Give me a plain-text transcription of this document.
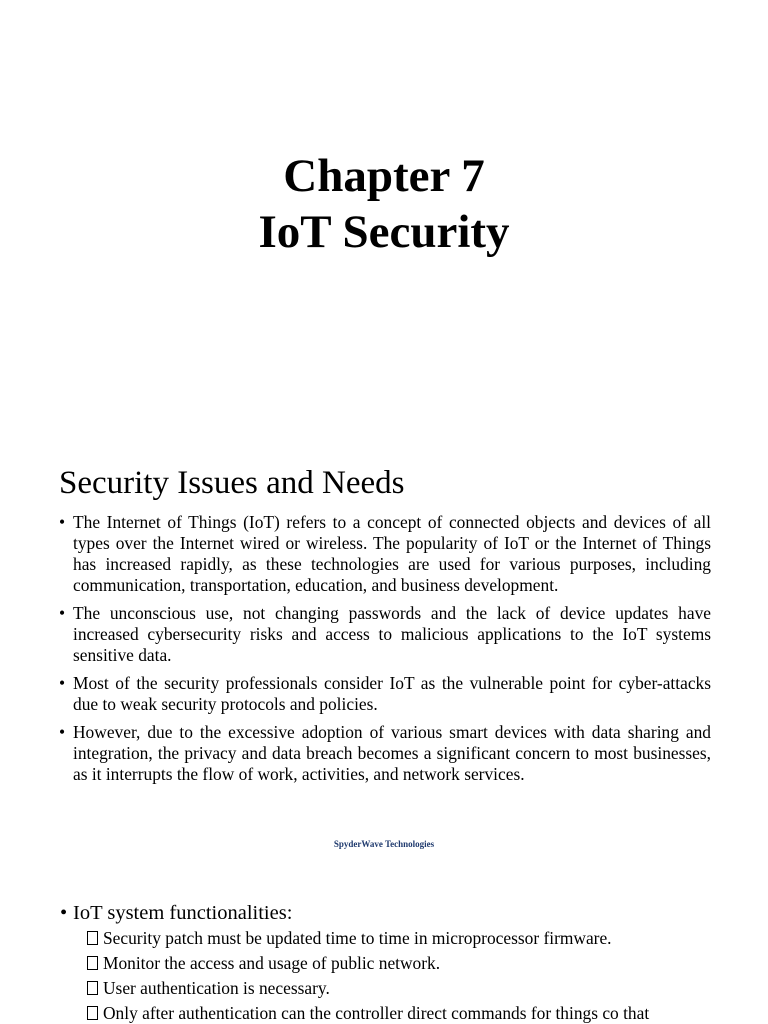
Chapter 7
IoT Security
Security Issues and Needs
• The Internet of Things (IoT) refers to a concept of connected objects and devices of all types over the Internet wired or wireless. The popularity of IoT or the Internet of Things has increased rapidly, as these technologies are used for various purposes, including communication, transportation, education, and business development.
• The unconscious use, not changing passwords and the lack of device updates have increased cybersecurity risks and access to malicious applications to the IoT systems sensitive data.
• Most of the security professionals consider IoT as the vulnerable point for cyber-attacks due to weak security protocols and policies.
• However, due to the excessive adoption of various smart devices with data sharing and integration, the privacy and data breach becomes a significant concern to most businesses, as it interrupts the flow of work, activities, and network services.
SpyderWave Technologies
• IoT system functionalities:
Security patch must be updated time to time in microprocessor firmware.
Monitor the access and usage of public network.
User authentication is necessary.
Only after authentication can the controller direct commands for things co that
